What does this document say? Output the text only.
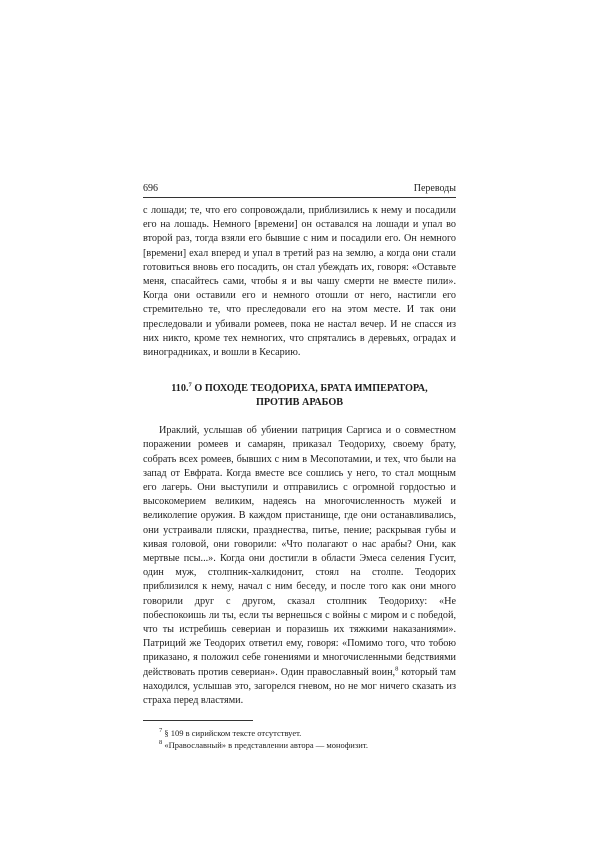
696	Переводы

с лошади; те, что его сопровождали, приблизились к нему и посадили его на лошадь. Немного [времени] он оставался на лошади и упал во второй раз, тогда взяли его бывшие с ним и посадили его. Он немного [времени] ехал вперед и упал в третий раз на землю, а когда они стали готовиться вновь его посадить, он стал убеждать их, говоря: «Оставьте меня, спасайтесь сами, чтобы я и вы чашу смерти не вместе пили». Когда они оставили его и немного отошли от него, настигли его стремительно те, что преследовали его на этом месте. И так они преследовали и убивали ромеев, пока не настал вечер. И не спасся из них никто, кроме тех немногих, что спрятались в деревьях, оградах и виноградниках, и вошли в Кесарию.

110.$^7$ О ПОХОДЕ ТЕОДОРИХА, БРАТА ИМПЕРАТОРА,
ПРОТИВ АРАБОВ

Ираклий, услышав об убиении патриция Саргиса и о совместном поражении ромеев и самарян, приказал Теодориху, своему брату, собрать всех ромеев, бывших с ним в Месопотамии, и тех, что были на запад от Евфрата. Когда вместе все сошлись у него, то стал мощным его лагерь. Они выступили и отправились с огромной гордостью и высокомерием великим, надеясь на многочисленность мужей и великолепие оружия. В каждом пристанище, где они останавливались, они устраивали пляски, празднества, питье, пение; раскрывая губы и кивая головой, они говорили: «Что полагают о нас арабы? Они, как мертвые псы...». Когда они достигли в области Эмеса селения Гусит, один муж, столпник-халкидонит, стоял на столпе. Теодорих приблизился к нему, начал с ним беседу, и после того как они много говорили друг с другом, сказал столпник Теодориху: «Не побеспокоишь ли ты, если ты вернешься с войны с миром и с победой, что ты истребишь севериан и поразишь их тяжкими наказаниями». Патриций же Теодорих ответил ему, говоря: «Помимо того, что тобою приказано, я положил себе гонениями и многочисленными бедствиями действовать против севериан». Один православный воин,$^8$ который там находился, услышав это, загорелся гневом, но не мог ничего сказать из страха перед властями.

$^7$ § 109 в сирийском тексте отсутствует.

$^8$ «Православный» в представлении автора — монофизит.
